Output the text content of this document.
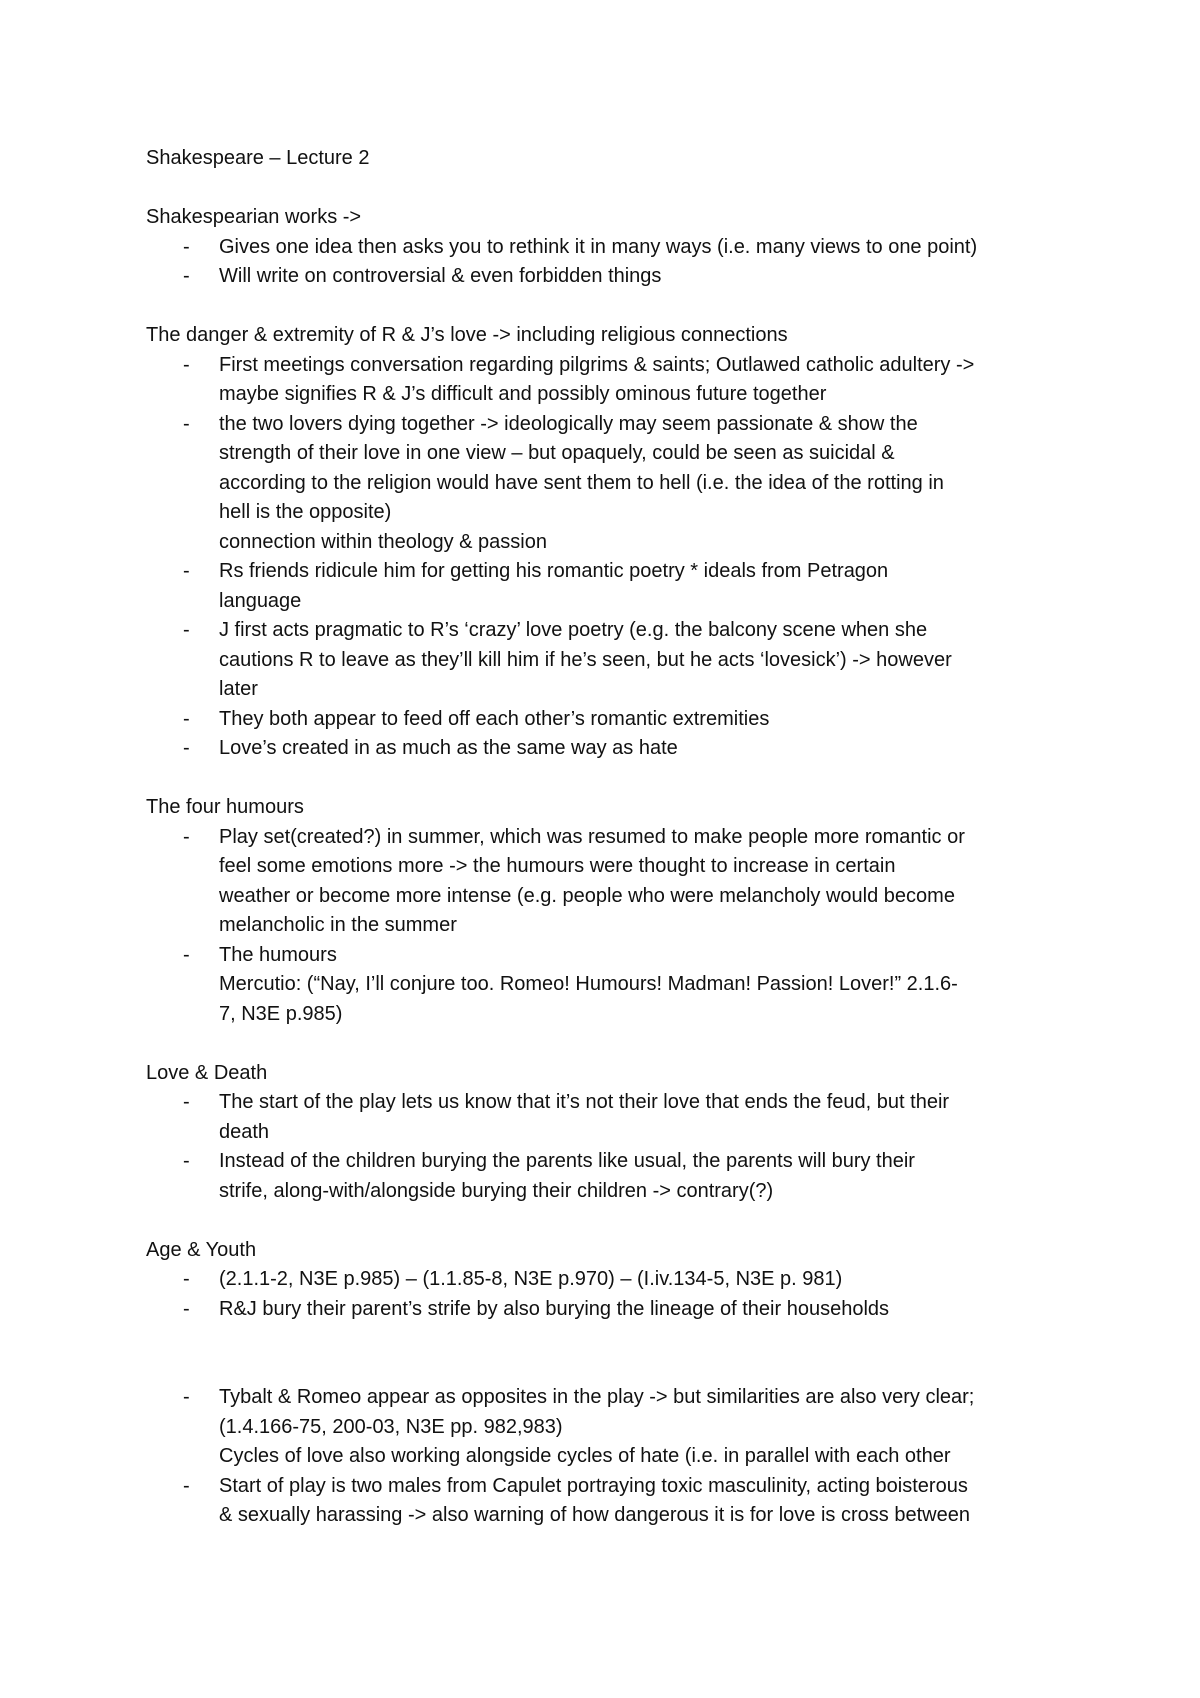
Shakespeare – Lecture 2

Shakespearian works ->

- Gives one idea then asks you to rethink it in many ways (i.e. many views to one point)
- Will write on controversial & even forbidden things

The danger & extremity of R & J’s love -> including religious connections

- First meetings conversation regarding pilgrims & saints; Outlawed catholic adultery ->
maybe signifies R & J’s difficult and possibly ominous future together
- the two lovers dying together -> ideologically may seem passionate & show the
strength of their love in one view – but opaquely, could be seen as suicidal &
according to the religion would have sent them to hell (i.e. the idea of the rotting in
hell is the opposite)
connection within theology & passion
- Rs friends ridicule him for getting his romantic poetry * ideals from Petragon
language
- J first acts pragmatic to R’s ‘crazy’ love poetry (e.g. the balcony scene when she
cautions R to leave as they’ll kill him if he’s seen, but he acts ‘lovesick’) -> however
later
- They both appear to feed off each other’s romantic extremities
- Love’s created in as much as the same way as hate

The four humours

- Play set(created?) in summer, which was resumed to make people more romantic or
feel some emotions more -> the humours were thought to increase in certain
weather or become more intense (e.g. people who were melancholy would become
melancholic in the summer
- The humours
Mercutio: (“Nay, I’ll conjure too. Romeo! Humours! Madman! Passion! Lover!” 2.1.6-
7, N3E p.985)

Love & Death

- The start of the play lets us know that it’s not their love that ends the feud, but their
death
- Instead of the children burying the parents like usual, the parents will bury their
strife, along-with/alongside burying their children -> contrary(?)

Age & Youth

- (2.1.1-2, N3E p.985) – (1.1.85-8, N3E p.970) – (I.iv.134-5, N3E p. 981)
- R&J bury their parent’s strife by also burying the lineage of their households
- Tybalt & Romeo appear as opposites in the play -> but similarities are also very clear;
(1.4.166-75, 200-03, N3E pp. 982,983)
Cycles of love also working alongside cycles of hate (i.e. in parallel with each other
- Start of play is two males from Capulet portraying toxic masculinity, acting boisterous
& sexually harassing -> also warning of how dangerous it is for love is cross between
